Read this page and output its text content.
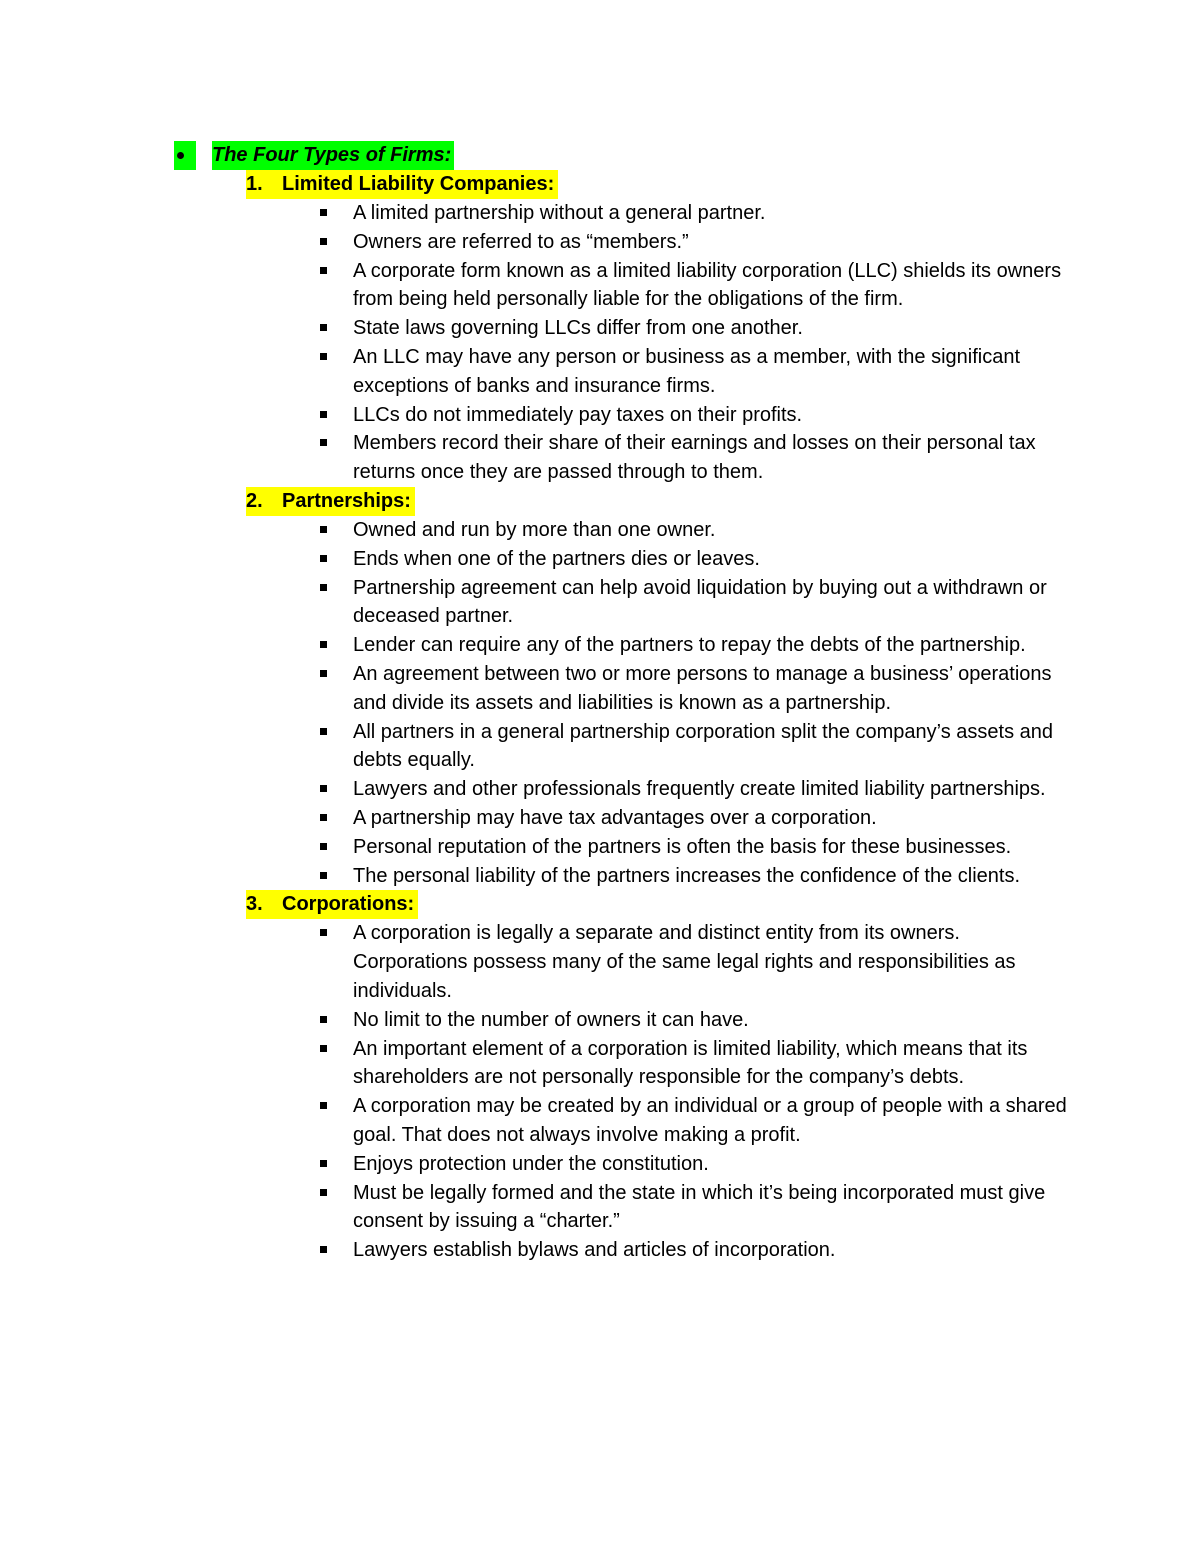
The Four Types of Firms:
1. Limited Liability Companies:
A limited partnership without a general partner.
Owners are referred to as “members.”
A corporate form known as a limited liability corporation (LLC) shields its owners from being held personally liable for the obligations of the firm.
State laws governing LLCs differ from one another.
An LLC may have any person or business as a member, with the significant exceptions of banks and insurance firms.
LLCs do not immediately pay taxes on their profits.
Members record their share of their earnings and losses on their personal tax returns once they are passed through to them.
2. Partnerships:
Owned and run by more than one owner.
Ends when one of the partners dies or leaves.
Partnership agreement can help avoid liquidation by buying out a withdrawn or deceased partner.
Lender can require any of the partners to repay the debts of the partnership.
An agreement between two or more persons to manage a business’ operations and divide its assets and liabilities is known as a partnership.
All partners in a general partnership corporation split the company’s assets and debts equally.
Lawyers and other professionals frequently create limited liability partnerships.
A partnership may have tax advantages over a corporation.
Personal reputation of the partners is often the basis for these businesses.
The personal liability of the partners increases the confidence of the clients.
3. Corporations:
A corporation is legally a separate and distinct entity from its owners. Corporations possess many of the same legal rights and responsibilities as individuals.
No limit to the number of owners it can have.
An important element of a corporation is limited liability, which means that its shareholders are not personally responsible for the company’s debts.
A corporation may be created by an individual or a group of people with a shared goal. That does not always involve making a profit.
Enjoys protection under the constitution.
Must be legally formed and the state in which it’s being incorporated must give consent by issuing a “charter.”
Lawyers establish bylaws and articles of incorporation.
